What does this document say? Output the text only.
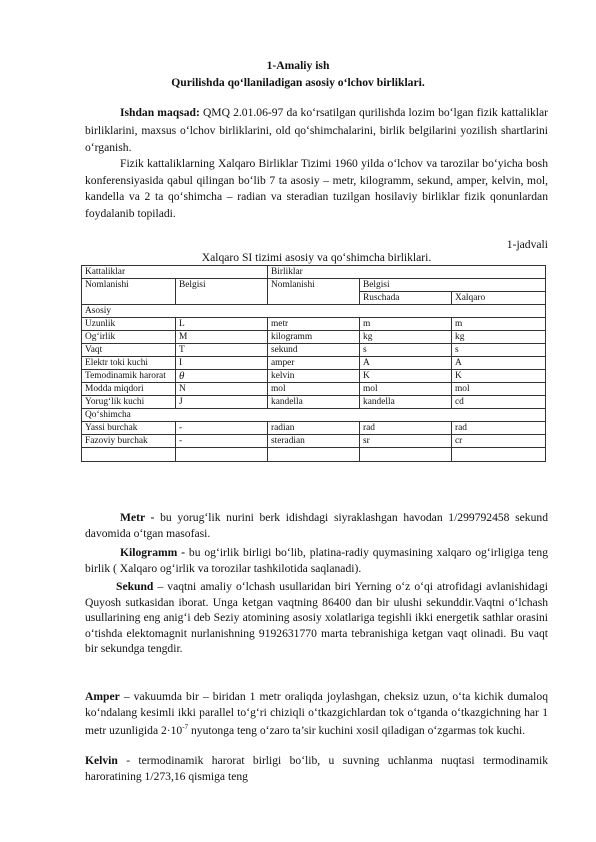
1-Amaliy ish
Qurilishda qo‘llaniladigan asosiy o‘lchov birliklari.
Ishdan maqsad: QMQ 2.01.06-97 da ko‘rsatilgan qurilishda lozim bo‘lgan fizik kattaliklar birliklarini, maxsus o‘lchov birliklarini, old qo‘shimchalarini, birlik belgilarini yozilish shartlarini o‘rganish.
Fizik kattaliklarning Xalqaro Birliklar Tizimi 1960 yilda o‘lchov va tarozilar bo‘yicha bosh konferensiyasida qabul qilingan bo‘lib 7 ta asosiy – metr, kilogramm, sekund, amper, kelvin, mol, kandella va 2 ta qo‘shimcha – radian va steradian tuzilgan hosilaviy birliklar fizik qonunlardan foydalanib topiladi.
1-jadvali
Xalqaro SI tizimi asosiy va qo‘shimcha birliklari.
Kattaliklar		Birliklar		
Nomlanishi	Belgisi	Nomlanishi	Belgisi	
			Ruschada	Xalqaro
Asosiy				
Uzunlik	L	metr	m	m
Og‘irlik	M	kilogramm	kg	kg
Vaqt	T	sekund	s	s
Elektr toki kuchi	I	amper	A	A
Temodinamik harorat	θ	kelvin	K	K
Modda miqdori	N	mol	mol	mol
Yorug‘lik kuchi	J	kandella	kandella	cd
Qo‘shimcha				
Yassi burchak	-	radian	rad	rad
Fazoviy burchak	-	steradian	sr	cr

Metr - bu yorug‘lik nurini berk idishdagi siyraklashgan havodan 1/299792458 sekund davomida o‘tgan masofasi.
Kilogramm - bu og‘irlik birligi bo‘lib, platina-radiy quymasining xalqaro og‘irligiga teng birlik ( Xalqaro og‘irlik va torozilar tashkilotida saqlanadi).
Sekund – vaqtni amaliy o‘lchash usullaridan biri Yerning o‘z o‘qi atrofidagi avlanishidagi Quyosh sutkasidan iborat. Unga ketgan vaqtning 86400 dan bir ulushi sekunddir.Vaqtni o‘lchash usullarining eng anig‘i deb Seziy atomining asosiy xolatlariga tegishli ikki energetik sathlar orasini o‘tishda elektomagnit nurlanishning 9192631770 marta tebranishiga ketgan vaqt olinadi. Bu vaqt bir sekundga tengdir.
Amper – vakuumda bir – biridan 1 metr oraliqda joylashgan, cheksiz uzun, o‘ta kichik dumaloq ko‘ndalang kesimli ikki parallel to‘g‘ri chiziqli o‘tkazgichlardan tok o‘tganda o‘tkazgichning har 1 metr uzunligida $2\cdot 10^{-7}$ nyutonga teng o‘zaro ta’sir kuchini xosil qiladigan o‘zgarmas tok kuchi.
Kelvin - termodinamik harorat birligi bo‘lib, u suvning uchlanma nuqtasi termodinamik haroratining 1/273,16 qismiga teng
